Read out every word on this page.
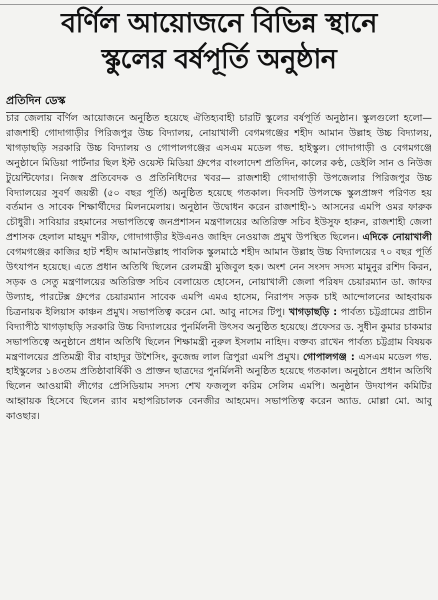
বর্ণিল আয়োজনে বিভিন্ন স্থানে
স্কুলের বর্ষপূর্তি অনুষ্ঠান
প্রতিদিন ডেস্ক
চার জেলায় বর্ণিল আয়োজনে অনুষ্ঠিত হয়েছে ঐতিহ্যবাহী চারটি স্কুলের বর্ষপূর্তি অনুষ্ঠান। স্কুলগুলো হলো— রাজশাহী গোদাগাড়ীর পিরিজপুর উচ্চ বিদ্যালয়, নোয়াখালী বেগমগঞ্জের শহীদ আমান উল্লাহ উচ্চ বিদ্যালয়, খাগড়াছড়ি সরকারি উচ্চ বিদ্যালয় ও গোপালগঞ্জের এসএম মডেল গভ. হাইস্কুল। গোদাগাড়ী ও বেগমগঞ্জে অনুষ্ঠানে মিডিয়া পার্টনার ছিল ইস্ট ওয়েস্ট মিডিয়া গ্রুপের বাংলাদেশ প্রতিদিন, কালের কণ্ঠ, ডেইলি সান ও নিউজ টুয়েন্টিফোর। নিজস্ব প্রতিবেদক ও প্রতিনিধিদের খবর— রাজশাহী গোদাগাড়ী উপজেলার পিরিজপুর উচ্চ বিদ্যালয়ের সুবর্ণ জয়ন্তী (৫০ বছর পূর্তি) অনুষ্ঠিত হয়েছে গতকাল। দিবসটি উপলক্ষে স্কুলপ্রাঙ্গণ পরিণত হয় বর্তমান ও সাবেক শিক্ষার্থীদের মিলনমেলায়। অনুষ্ঠান উদ্বোধন করেন রাজশাহী-১ আসনের এমপি ওমর ফারুক চৌধুরী। সাবিয়ার রহমানের সভাপতিত্বে জনপ্রশাসন মন্ত্রণালয়ের অতিরিক্ত সচিব ইউসুফ হারুন, রাজশাহী জেলা প্রশাসক হেলাল মাহমুদ শরীফ, গোদাগাড়ীর ইউএনও জাহিদ নেওয়াজ প্রমুখ উপস্থিত ছিলেন। এদিকে নোয়াখালী বেগমগঞ্জের কাজির হাট শহীদ আমানউল্লাহ পাবলিক স্কুলমাঠে শহীদ আমান উল্লাহ উচ্চ বিদ্যালয়ের ৭০ বছর পূর্তি উৎযাপন হয়েছে। এতে প্রধান অতিথি ছিলেন রেলমন্ত্রী মুজিবুল হক। অংশ নেন সংসদ সদস্য মামুনুর রশিদ কিরন, সড়ক ও সেতু মন্ত্রণালয়ের অতিরিক্ত সচিব বেলায়েত হোসেন, নোয়াখালী জেলা পরিষদ চেয়ারম্যান ডা. জাফর উল্যাহ, পারটেক্স গ্রুপের চেয়ারম্যান সাবেক এমপি এমএ হাসেম, নিরাপদ সড়ক চাই আন্দোলনের আহবায়ক চিত্রনায়ক ইলিয়াস কাঞ্চন প্রমুখ। সভাপতিত্ব করেন মো. আবু নাসের টিপু। খাগড়াছড়ি : পার্বত্য চট্টগ্রামের প্রাচীন বিদ্যাপীঠ খাগড়াছড়ি সরকারি উচ্চ বিদ্যালয়ের পুনর্মিলনী উৎসব অনুষ্ঠিত হয়েছে। প্রফেসর ড. সুধীন কুমার চাকমার সভাপতিত্বে অনুষ্ঠানে প্রধান অতিথি ছিলেন শিক্ষামন্ত্রী নুরুল ইসলাম নাহিদ। বক্তব্য রাখেন পার্বত্য চট্টগ্রাম বিষয়ক মন্ত্রণালয়ের প্রতিমন্ত্রী বীর বাহাদুর উশৈসিং, কুজেন্দ্র লাল ত্রিপুরা এমপি প্রমুখ। গোপালগঞ্জ : এসএম মডেল গভ. হাইস্কুলের ১৪৩তম প্রতিষ্ঠাবার্ষিকী ও প্রাক্তন ছাত্রদের পুনর্মিলনী অনুষ্ঠিত হয়েছে গতকাল। অনুষ্ঠানে প্রধান অতিথি ছিলেন আওয়ামী লীগের প্রেসিডিয়াম সদস্য শেখ ফজলুল করিম সেলিম এমপি। অনুষ্ঠান উদযাপন কমিটির আহ্বায়ক হিসেবে ছিলেন র‌্যাব মহাপরিচালক বেনজীর আহমেদ। সভাপতিত্ব করেন অ্যাড. মোল্লা মো. আবু কাওছার।
